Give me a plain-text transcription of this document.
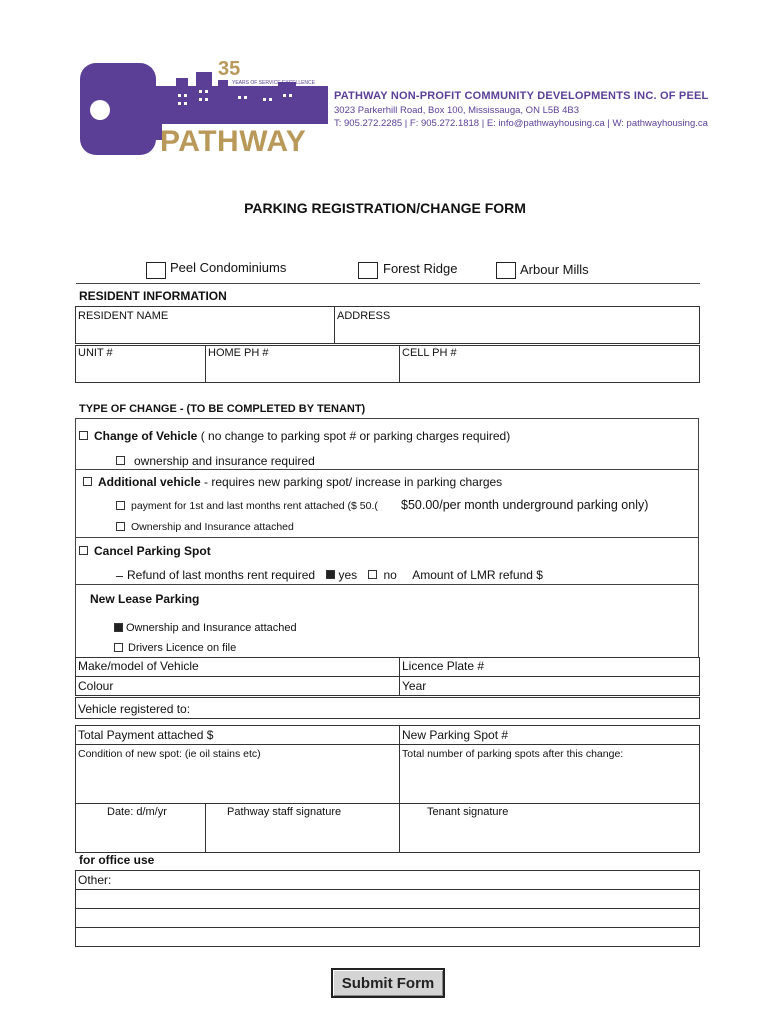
35
YEARS OF SERVICE EXCELLENCE
PATHWAY
PATHWAY NON-PROFIT COMMUNITY DEVELOPMENTS INC. OF PEEL
3023 Parkerhill Road, Box 100, Mississauga, ON L5B 4B3
T: 905.272.2285 | F: 905.272.1818 | E: info@pathwayhousing.ca | W: pathwayhousing.ca
PARKING REGISTRATION/CHANGE FORM
Peel Condominiums	Forest Ridge	Arbour Mills
RESIDENT INFORMATION
RESIDENT NAME	ADDRESS
UNIT #	HOME PH #	CELL PH #
TYPE OF CHANGE - (TO BE COMPLETED BY TENANT)
Change of Vehicle ( no change to parking spot # or parking charges required)
ownership and insurance required
Additional vehicle - requires new parking spot/ increase in parking charges
payment for 1st and last months rent attached ($ 50.( $50.00/per month underground parking only)
Ownership and Insurance attached
Cancel Parking Spot
Refund of last months rent required yes no Amount of LMR refund $
New Lease Parking
Ownership and Insurance attached
Drivers Licence on file
Make/model of Vehicle	Licence Plate #
Colour	Year
Vehicle registered to:
Total Payment attached $	New Parking Spot #
Condition of new spot: (ie oil stains etc)	Total number of parking spots after this change:
Date: d/m/yr	Pathway staff signature	Tenant signature
for office use
Other:
Submit Form
